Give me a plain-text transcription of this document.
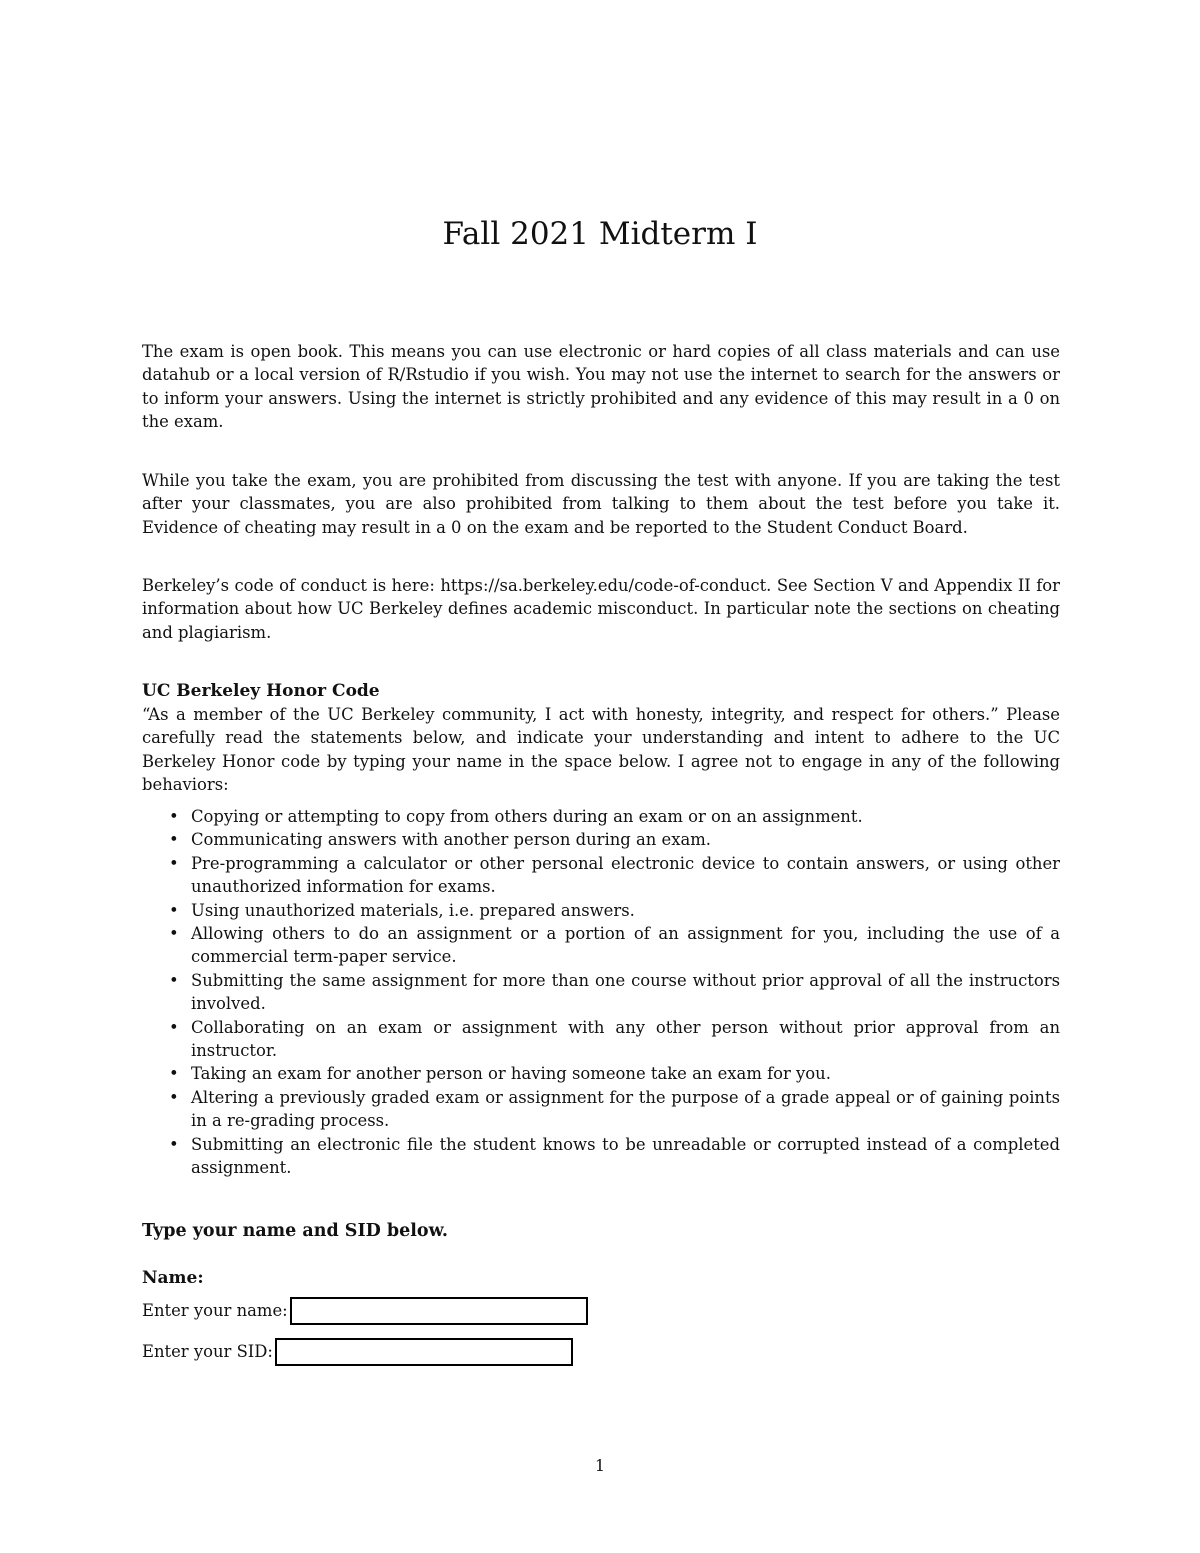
Fall 2021 Midterm I

The exam is open book. This means you can use electronic or hard copies of all class materials and can use datahub or a local version of R/Rstudio if you wish. You may not use the internet to search for the answers or to inform your answers. Using the internet is strictly prohibited and any evidence of this may result in a 0 on the exam.

While you take the exam, you are prohibited from discussing the test with anyone. If you are taking the test after your classmates, you are also prohibited from talking to them about the test before you take it. Evidence of cheating may result in a 0 on the exam and be reported to the Student Conduct Board.

Berkeley’s code of conduct is here: https://sa.berkeley.edu/code-of-conduct. See Section V and Appendix II for information about how UC Berkeley defines academic misconduct. In particular note the sections on cheating and plagiarism.

UC Berkeley Honor Code

“As a member of the UC Berkeley community, I act with honesty, integrity, and respect for others.” Please carefully read the statements below, and indicate your understanding and intent to adhere to the UC Berkeley Honor code by typing your name in the space below. I agree not to engage in any of the following behaviors:

• Copying or attempting to copy from others during an exam or on an assignment.
• Communicating answers with another person during an exam.
• Pre-programming a calculator or other personal electronic device to contain answers, or using other unauthorized information for exams.
• Using unauthorized materials, i.e. prepared answers.
• Allowing others to do an assignment or a portion of an assignment for you, including the use of a commercial term-paper service.
• Submitting the same assignment for more than one course without prior approval of all the instructors involved.
• Collaborating on an exam or assignment with any other person without prior approval from an instructor.
• Taking an exam for another person or having someone take an exam for you.
• Altering a previously graded exam or assignment for the purpose of a grade appeal or of gaining points in a re-grading process.
• Submitting an electronic file the student knows to be unreadable or corrupted instead of a completed assignment.

Type your name and SID below.

Name:

Enter your name:
Enter your SID:

1
